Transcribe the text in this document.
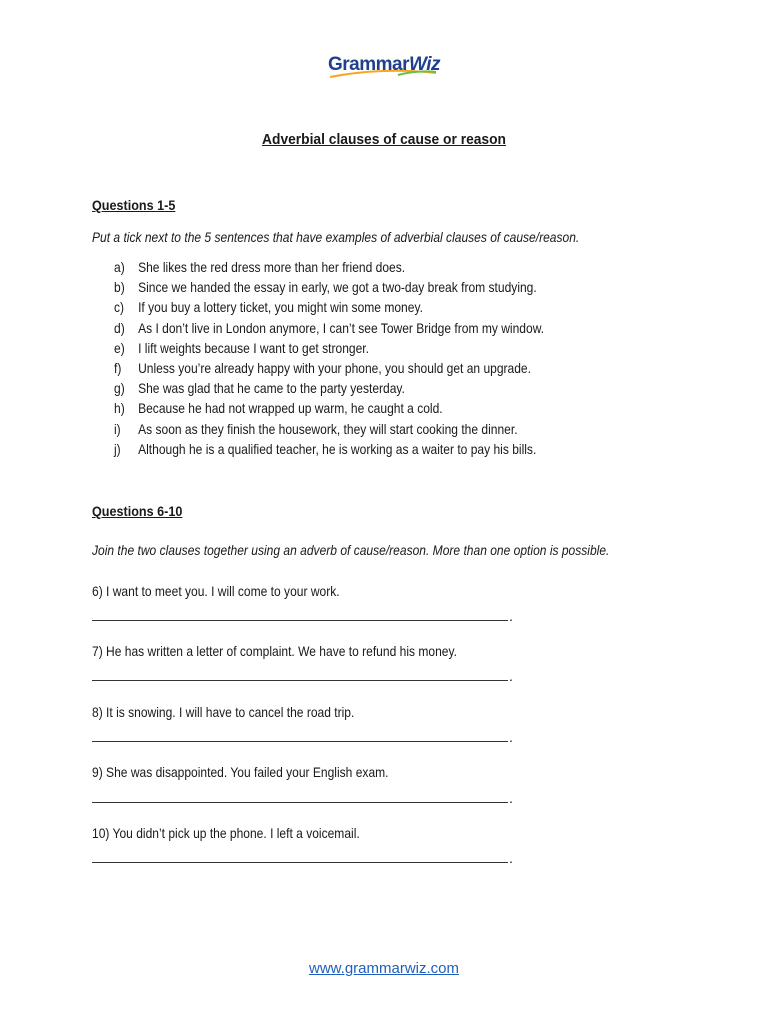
GrammarWiz
Adverbial clauses of cause or reason
Questions 1-5
Put a tick next to the 5 sentences that have examples of adverbial clauses of cause/reason.
a) She likes the red dress more than her friend does.
b) Since we handed the essay in early, we got a two-day break from studying.
c)	If you buy a lottery ticket, you might win some money.
d) As I don’t live in London anymore, I can’t see Tower Bridge from my window.
e) I lift weights because I want to get stronger.
f)	Unless you’re already happy with your phone, you should get an upgrade.
g) She was glad that he came to the party yesterday.
h) Because he had not wrapped up warm, he caught a cold.
i)	As soon as they finish the housework, they will start cooking the dinner.
j)	Although he is a qualified teacher, he is working as a waiter to pay his bills.
Questions 6-10
Join the two clauses together using an adverb of cause/reason. More than one option is possible.
6) I want to meet you. I will come to your work.
.
7) He has written a letter of complaint. We have to refund his money.
.
8) It is snowing. I will have to cancel the road trip.
.
9) She was disappointed. You failed your English exam.
.
10) You didn’t pick up the phone. I left a voicemail.
.
www.grammarwiz.com
